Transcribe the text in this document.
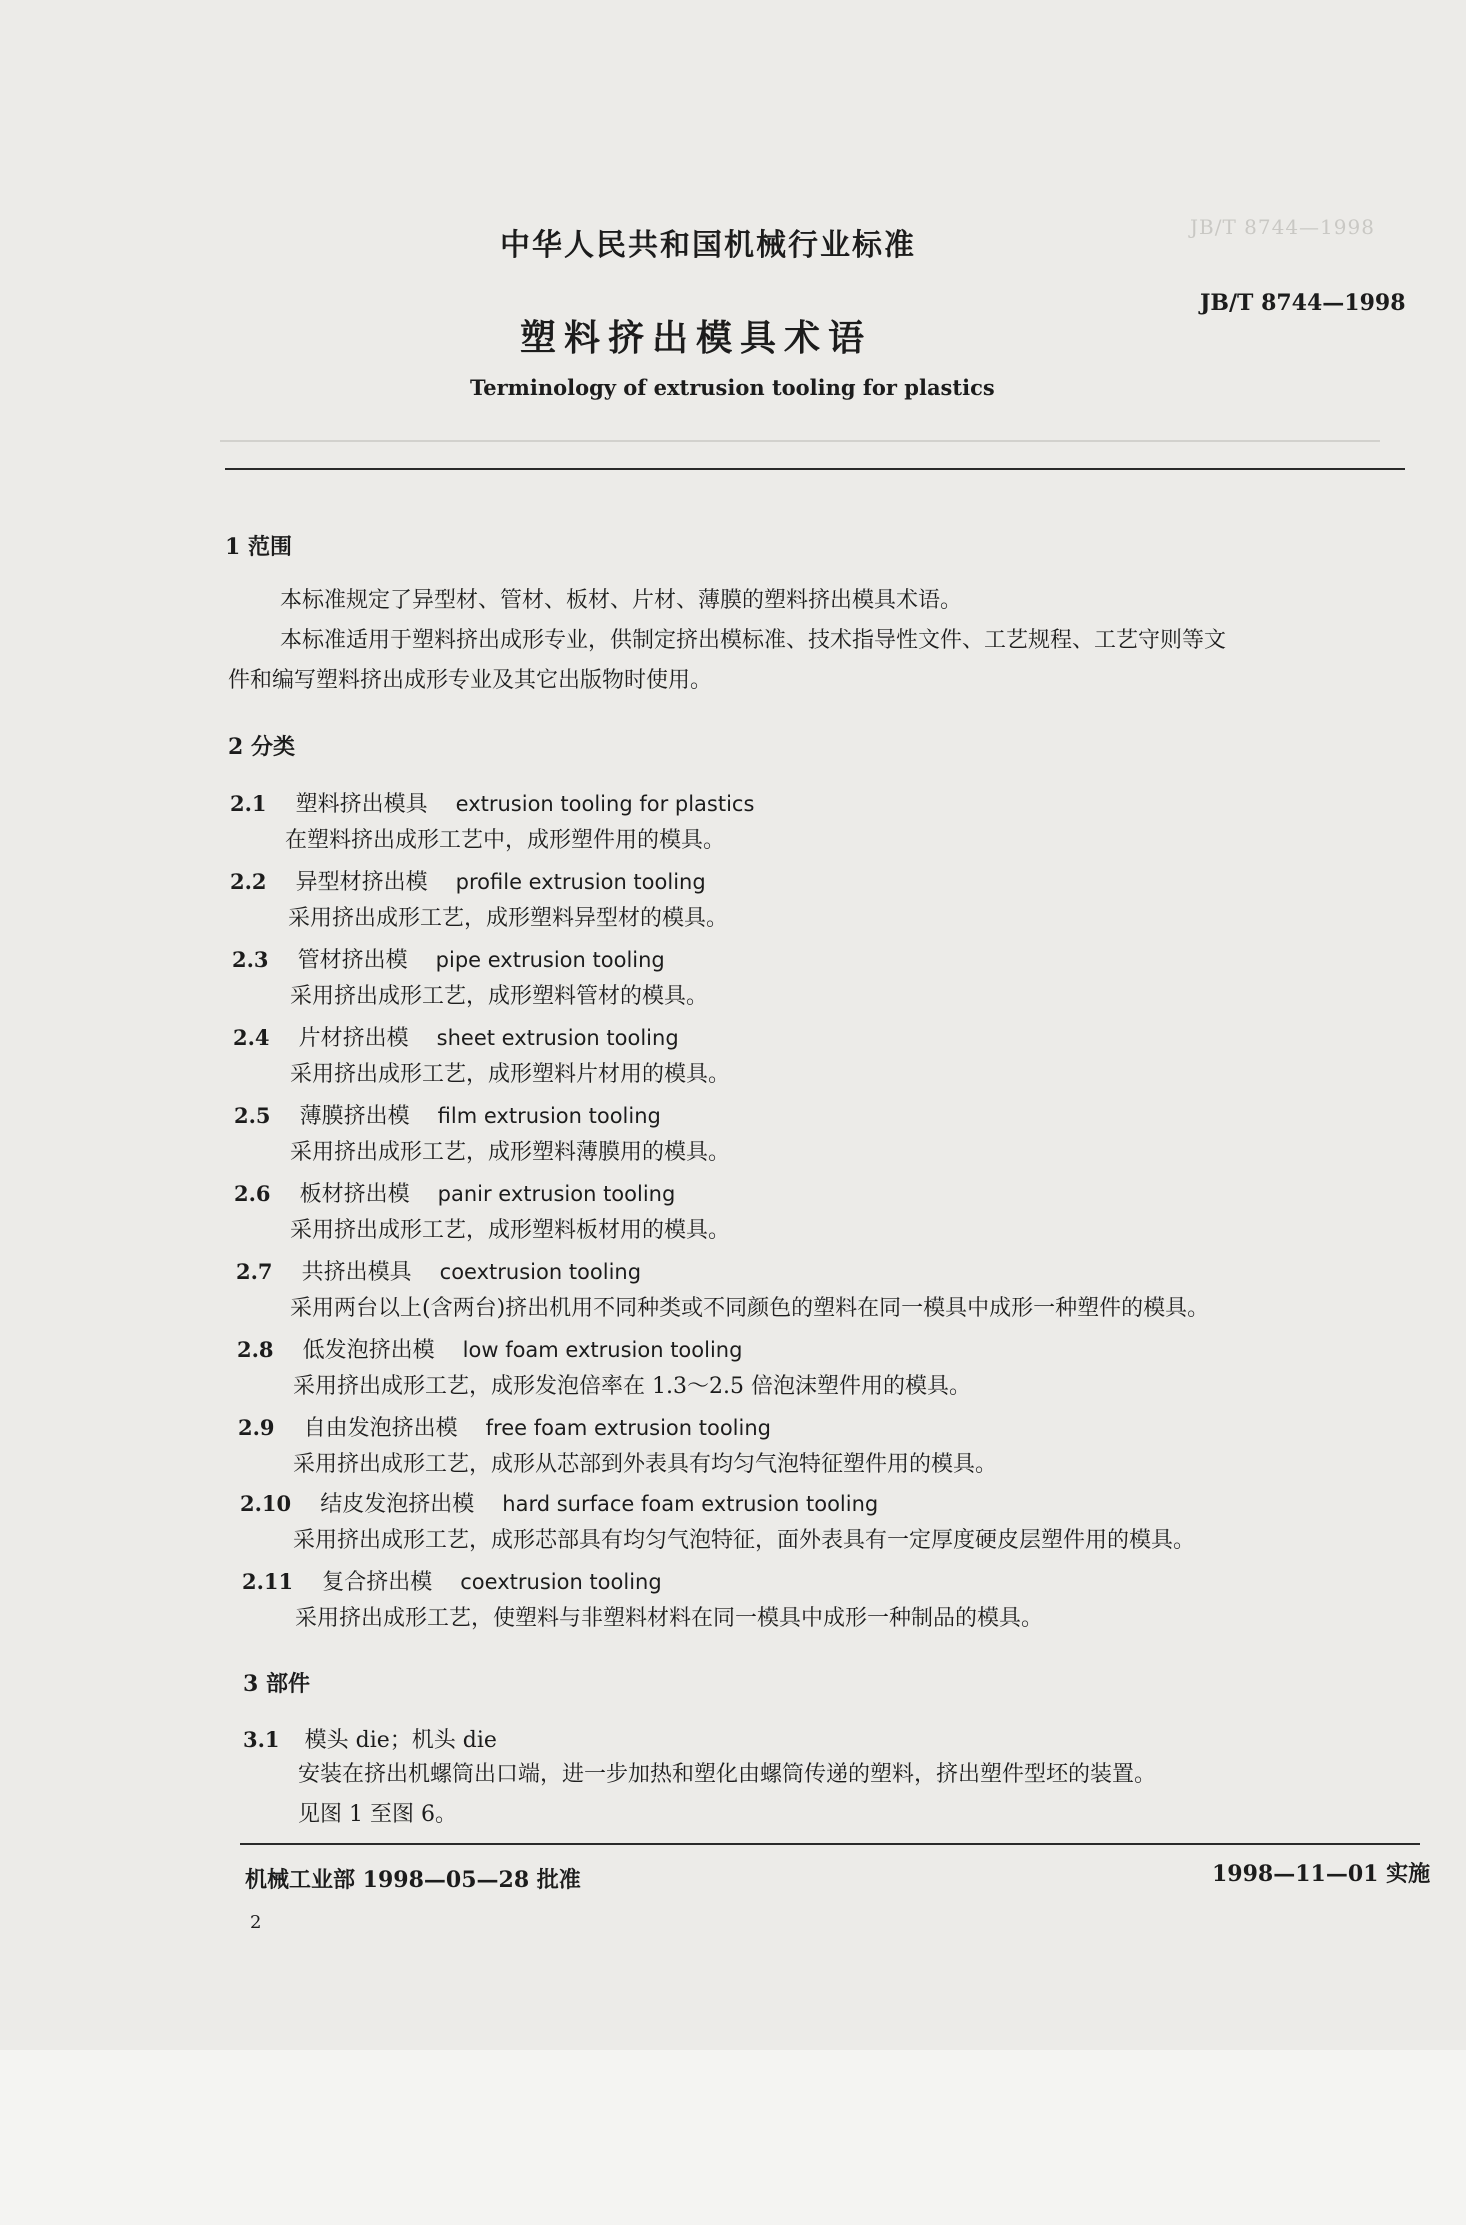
JB/T 8744—1998
中华人民共和国机械行业标准
JB/T 8744—1998
塑料挤出模具术语
Terminology of extrusion tooling for plastics
1 范围
本标准规定了异型材、管材、板材、片材、薄膜的塑料挤出模具术语。
本标准适用于塑料挤出成形专业，供制定挤出模标准、技术指导性文件、工艺规程、工艺守则等文
件和编写塑料挤出成形专业及其它出版物时使用。
2 分类
2.1 塑料挤出模具 extrusion tooling for plastics
在塑料挤出成形工艺中，成形塑件用的模具。
2.2 异型材挤出模 profile extrusion tooling
采用挤出成形工艺，成形塑料异型材的模具。
2.3 管材挤出模 pipe extrusion tooling
采用挤出成形工艺，成形塑料管材的模具。
2.4 片材挤出模 sheet extrusion tooling
采用挤出成形工艺，成形塑料片材用的模具。
2.5 薄膜挤出模 film extrusion tooling
采用挤出成形工艺，成形塑料薄膜用的模具。
2.6 板材挤出模 panir extrusion tooling
采用挤出成形工艺，成形塑料板材用的模具。
2.7 共挤出模具 coextrusion tooling
采用两台以上(含两台)挤出机用不同种类或不同颜色的塑料在同一模具中成形一种塑件的模具。
2.8 低发泡挤出模 low foam extrusion tooling
采用挤出成形工艺，成形发泡倍率在 1.3～2.5 倍泡沫塑件用的模具。
2.9 自由发泡挤出模 free foam extrusion tooling
采用挤出成形工艺，成形从芯部到外表具有均匀气泡特征塑件用的模具。
2.10 结皮发泡挤出模 hard surface foam extrusion tooling
采用挤出成形工艺，成形芯部具有均匀气泡特征，面外表具有一定厚度硬皮层塑件用的模具。
2.11 复合挤出模 coextrusion tooling
采用挤出成形工艺，使塑料与非塑料材料在同一模具中成形一种制品的模具。
3 部件
3.1 模头 die；机头 die
安装在挤出机螺筒出口端，进一步加热和塑化由螺筒传递的塑料，挤出塑件型坯的装置。
见图 1 至图 6。
机械工业部 1998—05—28 批准	1998—11—01 实施
2
